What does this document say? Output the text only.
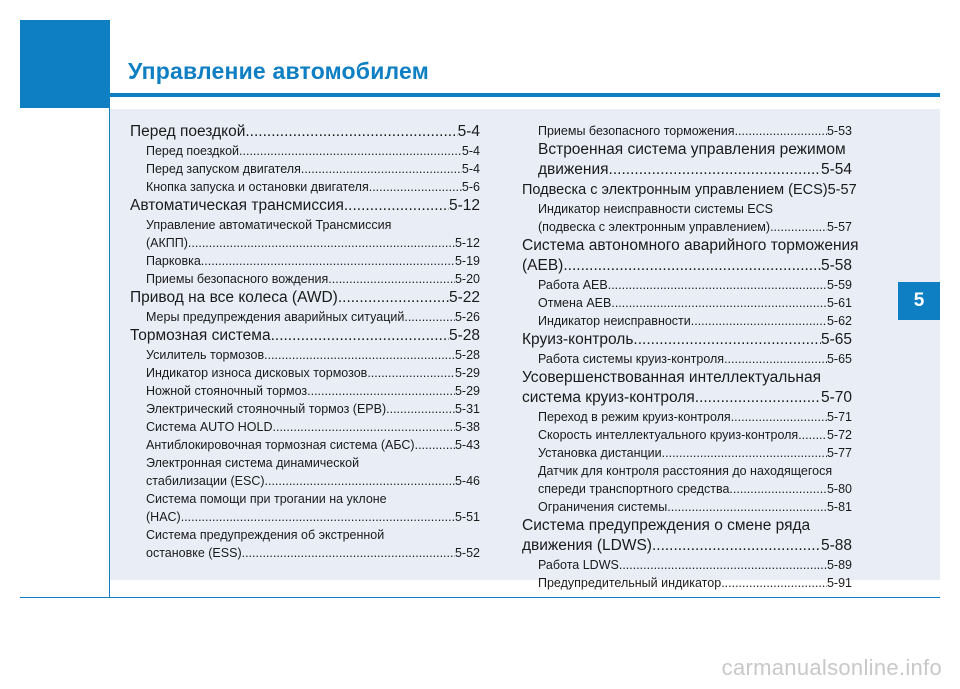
Управление автомобилем
5
carmanualsonline.info
Перед поездкой .....	5-4
Перед поездкой .....	5-4
Перед запуском двигателя .....	5-4
Кнопка запуска и остановки двигателя .....	5-6
Автоматическая трансмиссия .....	5-12
Управление автоматической Трансмиссия
(АКПП) .....	5-12
Парковка .....	5-19
Приемы безопасного вождения .....	5-20
Привод на все колеса (AWD) .....	5-22
Меры предупреждения аварийных ситуаций .....	5-26
Тормозная система .....	5-28
Усилитель тормозов .....	5-28
Индикатор износа дисковых тормозов .....	5-29
Ножной стояночный тормоз .....	5-29
Электрический стояночный тормоз (EPB) .....	5-31
Система AUTO HOLD .....	5-38
Антиблокировочная тормозная система (АБС) .....	5-43
Электронная система динамической
стабилизации (ESC) .....	5-46
Система помощи при трогании на уклоне
(HAC) .....	5-51
Система предупреждения об экстренной
остановке (ESS) .....	5-52
Приемы безопасного торможения .....	5-53
Встроенная система управления режимом
движения .....	5-54
Подвеска с электронным управлением (ECS) 5-57
Индикатор неисправности системы ECS
(подвеска с электронным управлением) .....	5-57
Система автономного аварийного торможения
(AEB) .....	5-58
Работа AEB .....	5-59
Отмена AEB .....	5-61
Индикатор неисправности .....	5-62
Круиз-контроль .....	5-65
Работа системы круиз-контроля .....	5-65
Усовершенствованная интеллектуальная
система круиз-контроля .....	5-70
Переход в режим круиз-контроля .....	5-71
Скорость интеллектуального круиз-контроля ..... 5-72
Установка дистанции .....	5-77
Датчик для контроля расстояния до находящегося
спереди транспортного средства .....	5-80
Ограничения системы .....	5-81
Система предупреждения о смене ряда
движения (LDWS) .....	5-88
Работа LDWS .....	5-89
Предупредительный индикатор .....	5-91
